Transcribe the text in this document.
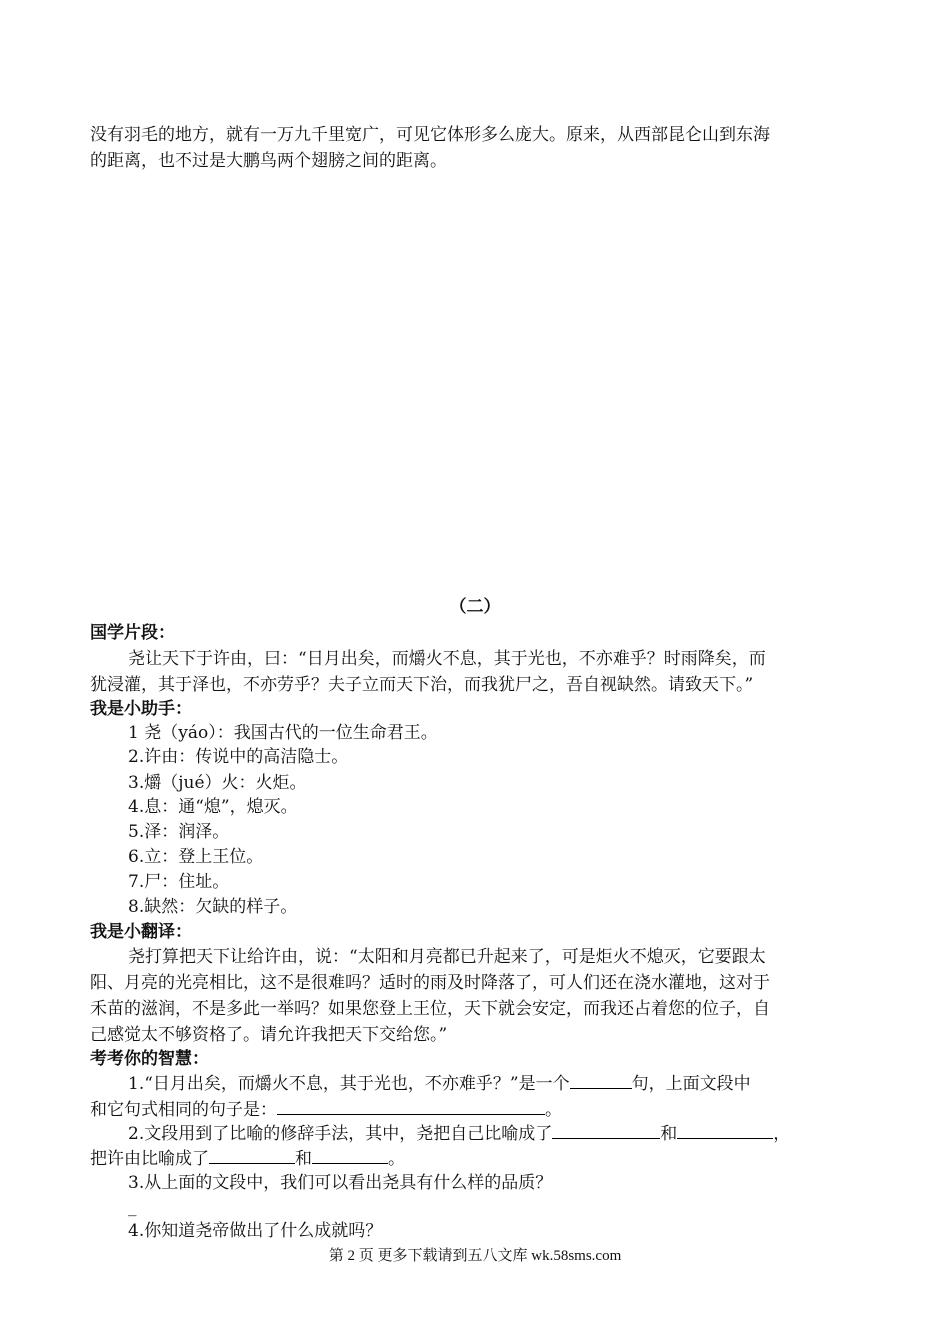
没有羽毛的地方，就有一万九千里宽广，可见它体形多么庞大。原来，从西部昆仑山到东海

的距离，也不过是大鹏鸟两个翅膀之间的距离。

（二）

国学片段：

尧让天下于许由，曰：“日月出矣，而爝火不息，其于光也，不亦难乎？时雨降矣，而

犹浸灌，其于泽也，不亦劳乎？夫子立而天下治，而我犹尸之，吾自视缺然。请致天下。”

我是小助手：

1 尧（yáo）：我国古代的一位生命君王。

2.许由：传说中的高洁隐士。

3.爝（jué）火：火炬。

4.息：通“熄”，熄灭。

5.泽：润泽。

6.立：登上王位。

7.尸：住址。

8.缺然：欠缺的样子。

我是小翻译：

尧打算把天下让给许由，说：“太阳和月亮都已升起来了，可是炬火不熄灭，它要跟太

阳、月亮的光亮相比，这不是很难吗？适时的雨及时降落了，可人们还在浇水灌地，这对于

禾苗的滋润，不是多此一举吗？如果您登上王位，天下就会安定，而我还占着您的位子，自

己感觉太不够资格了。请允许我把天下交给您。”

考考你的智慧：

1.“日月出矣，而爝火不息，其于光也，不亦难乎？”是一个	句，上面文段中

和它句式相同的句子是：	。

2.文段用到了比喻的修辞手法，其中，尧把自己比喻成了	和	，

把许由比喻成了	和	。

3.从上面的文段中，我们可以看出尧具有什么样的品质？

_

4.你知道尧帝做出了什么成就吗？

第 2 页 更多下载请到五八文库 wk.58sms.com
